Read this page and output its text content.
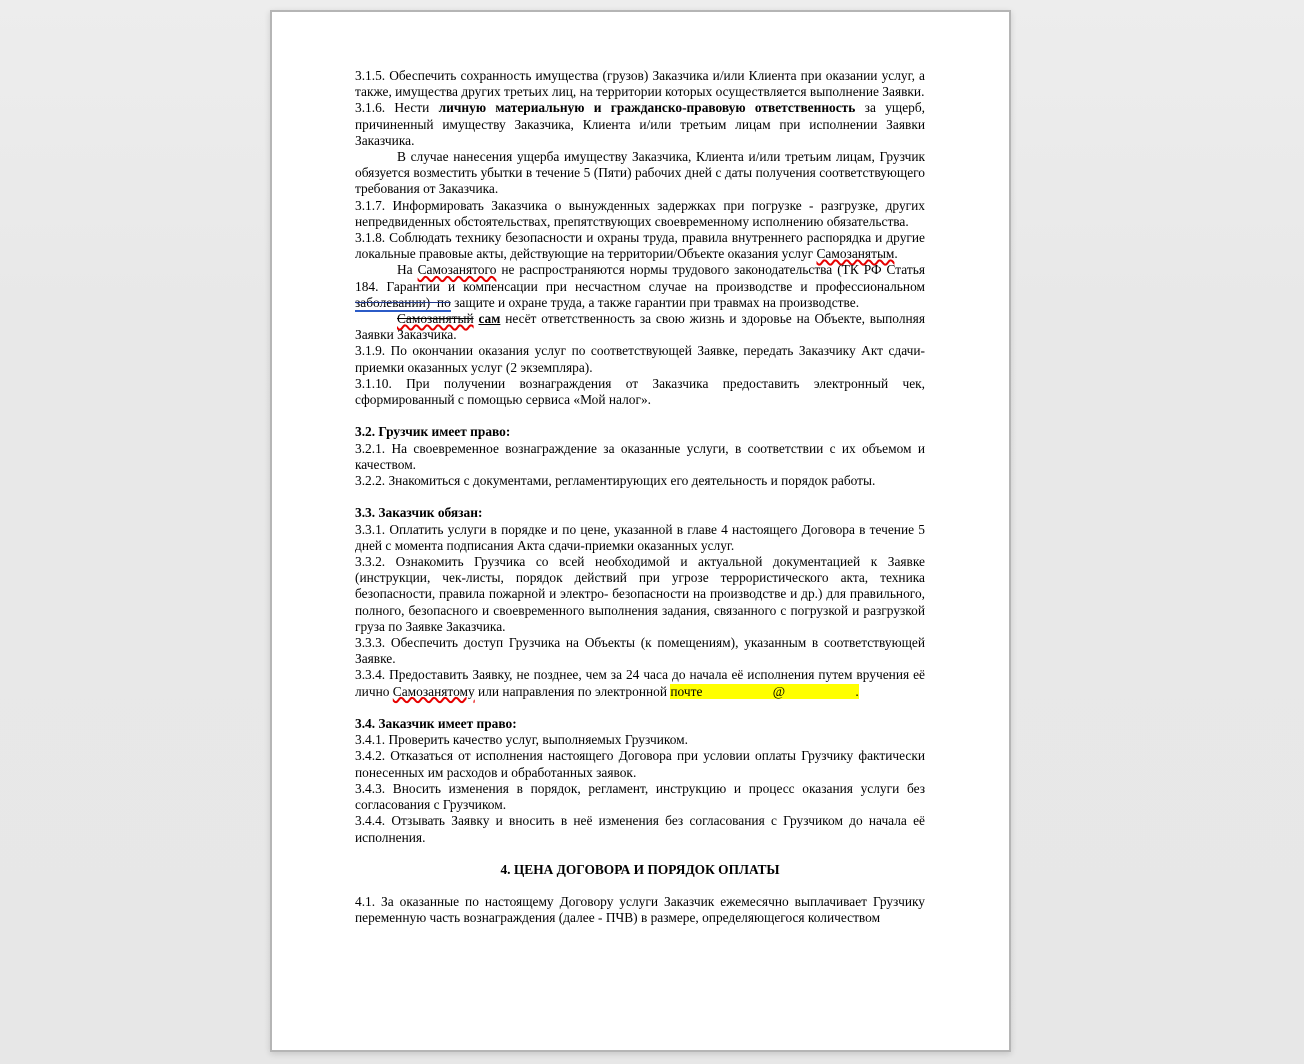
3.1.5. Обеспечить сохранность имущества (грузов) Заказчика и/или Клиента при оказании услуг, а также, имущества других третьих лиц, на территории которых осуществляется выполнение Заявки.

3.1.6. Нести личную материальную и гражданско-правовую ответственность за ущерб, причиненный имуществу Заказчика, Клиента и/или третьим лицам при исполнении Заявки Заказчика.

В случае нанесения ущерба имуществу Заказчика, Клиента и/или третьим лицам, Грузчик обязуется возместить убытки в течение 5 (Пяти) рабочих дней с даты получения соответствующего требования от Заказчика.

3.1.7. Информировать Заказчика о вынужденных задержках при погрузке - разгрузке, других непредвиденных обстоятельствах, препятствующих своевременному исполнению обязательства.

3.1.8. Соблюдать технику безопасности и охраны труда, правила внутреннего распорядка и другие локальные правовые акты, действующие на территории/Объекте оказания услуг Самозанятым.

На Самозанятого не распространяются нормы трудового законодательства (ТК РФ Статья 184. Гарантии и компенсации при несчастном случае на производстве и профессиональном заболевании)  по защите и охране труда, а также гарантии при травмах на производстве.

Самозанятый сам несёт ответственность за свою жизнь и здоровье на Объекте, выполняя Заявки Заказчика.

3.1.9. По окончании оказания услуг по соответствующей Заявке, передать Заказчику Акт сдачи-приемки оказанных услуг (2 экземпляра).

3.1.10. При получении вознаграждения от Заказчика предоставить электронный чек, сформированный с помощью сервиса «Мой налог».

3.2. Грузчик имеет право:

3.2.1. На своевременное вознаграждение за оказанные услуги, в соответствии с их объемом и качеством.

3.2.2. Знакомиться с документами, регламентирующих его деятельность и порядок работы.

3.3. Заказчик обязан:

3.3.1. Оплатить услуги в порядке и по цене, указанной в главе 4 настоящего Договора в течение 5 дней с момента подписания Акта сдачи-приемки оказанных услуг.

3.3.2. Ознакомить Грузчика со всей необходимой и актуальной документацией к Заявке (инструкции, чек-листы, порядок действий при угрозе террористического акта, техника безопасности, правила пожарной и электро- безопасности на производстве и др.) для правильного, полного, безопасного и своевременного выполнения задания, связанного с погрузкой и разгрузкой груза по Заявке Заказчика.

3.3.3. Обеспечить доступ Грузчика на Объекты (к помещениям), указанным в соответствующей Заявке.

3.3.4. Предоставить Заявку, не позднее, чем за 24 часа до начала её исполнения путем вручения её лично Самозанятому или направления по электронной почте                     @                     .

3.4. Заказчик имеет право:

3.4.1. Проверить качество услуг, выполняемых Грузчиком.

3.4.2. Отказаться от исполнения настоящего Договора при условии оплаты Грузчику фактически понесенных им расходов и обработанных заявок.

3.4.3. Вносить изменения в порядок, регламент, инструкцию и процесс оказания услуги без согласования с Грузчиком.

3.4.4. Отзывать Заявку и вносить в неё изменения без согласования с Грузчиком до начала её исполнения.

4. ЦЕНА ДОГОВОРА И ПОРЯДОК ОПЛАТЫ

4.1. За оказанные по настоящему Договору услуги Заказчик ежемесячно выплачивает Грузчику переменную часть вознаграждения (далее - ПЧВ) в размере, определяющегося количеством
